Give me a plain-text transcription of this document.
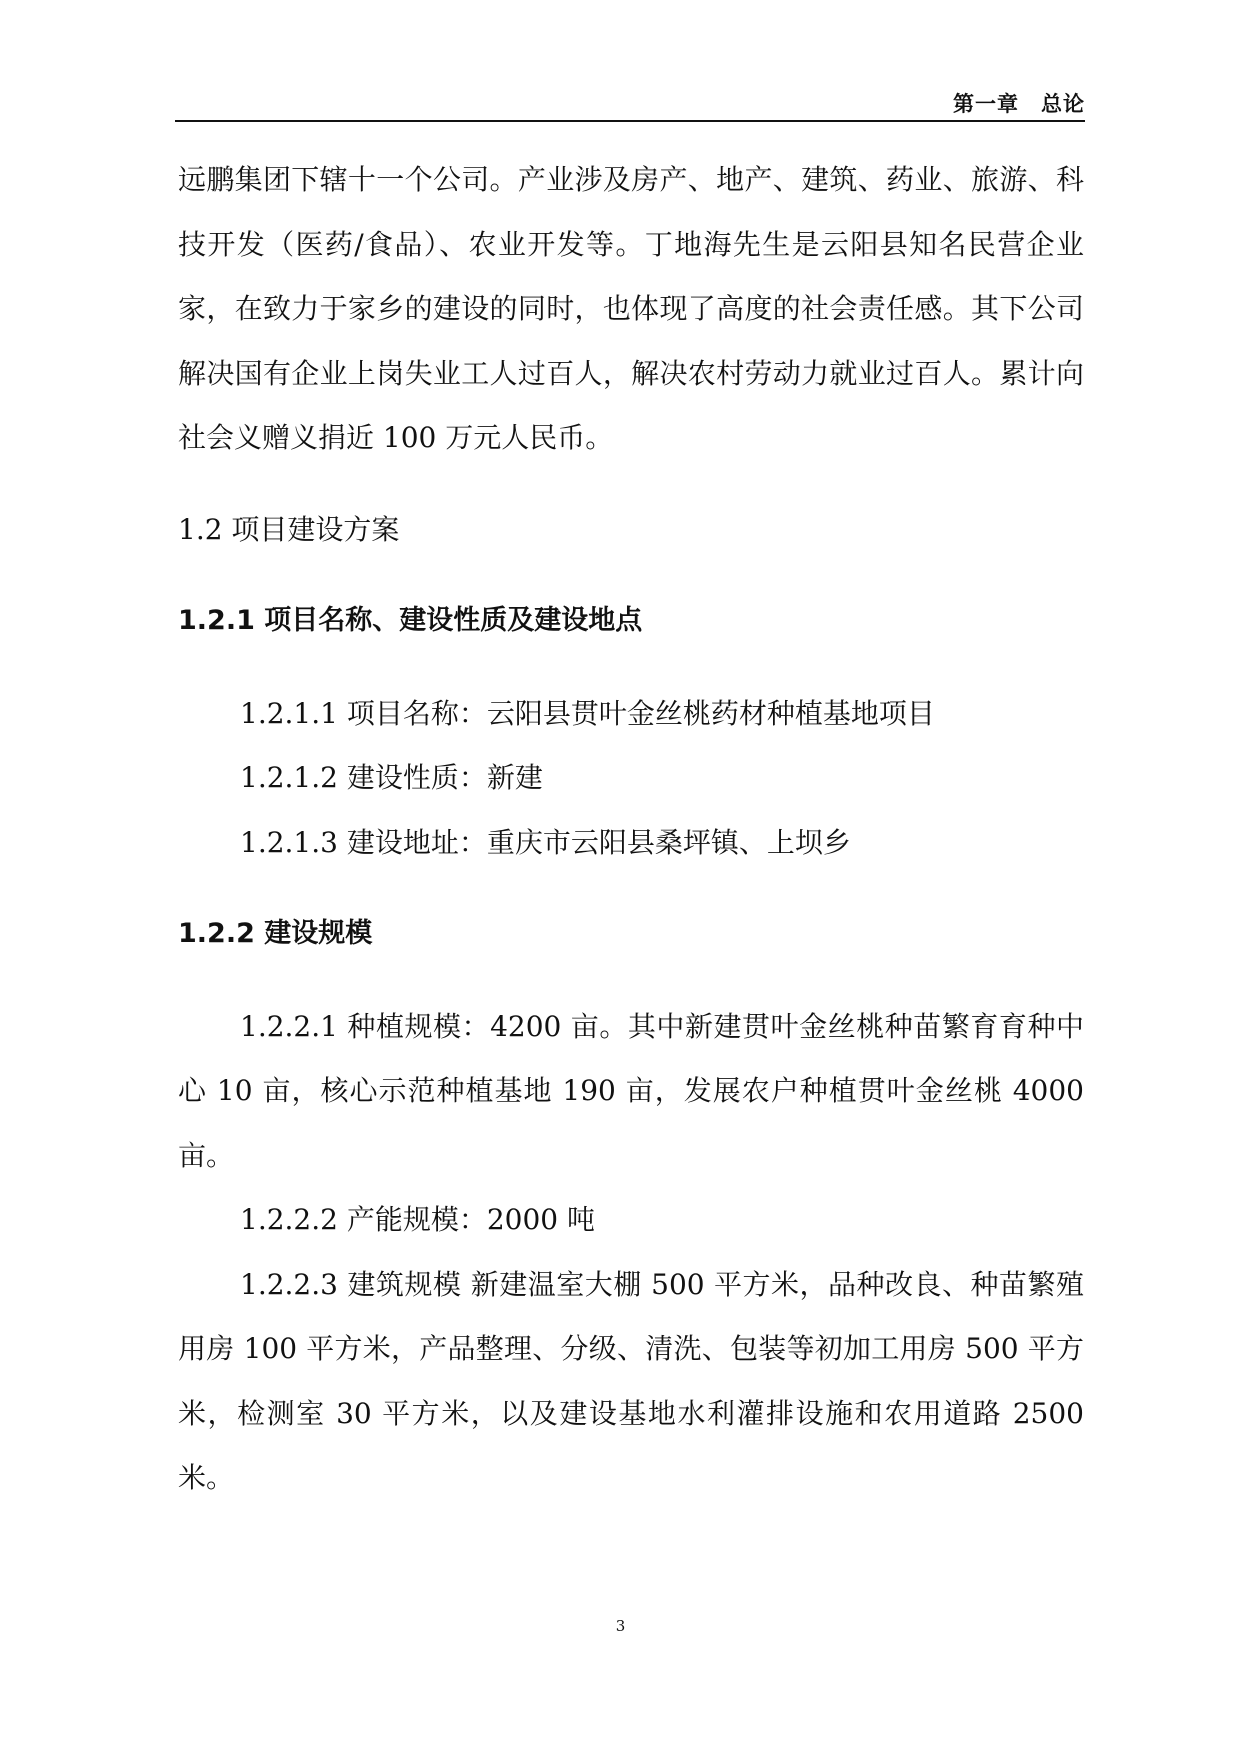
第一章　总论

远鹏集团下辖十一个公司。产业涉及房产、地产、建筑、药业、旅游、科技开发（医药/食品）、农业开发等。丁地海先生是云阳县知名民营企业家，在致力于家乡的建设的同时，也体现了高度的社会责任感。其下公司解决国有企业上岗失业工人过百人，解决农村劳动力就业过百人。累计向社会义赠义捐近 100 万元人民币。

1.2 项目建设方案

1.2.1 项目名称、建设性质及建设地点

1.2.1.1 项目名称：云阳县贯叶金丝桃药材种植基地项目

1.2.1.2 建设性质：新建

1.2.1.3 建设地址：重庆市云阳县桑坪镇、上坝乡

1.2.2 建设规模

1.2.2.1 种植规模：4200 亩。其中新建贯叶金丝桃种苗繁育育种中心 10 亩，核心示范种植基地 190 亩，发展农户种植贯叶金丝桃 4000 亩。

1.2.2.2 产能规模：2000 吨

1.2.2.3 建筑规模 新建温室大棚 500 平方米，品种改良、种苗繁殖用房 100 平方米，产品整理、分级、清洗、包装等初加工用房 500 平方米，检测室 30 平方米，以及建设基地水利灌排设施和农用道路 2500 米。

3
